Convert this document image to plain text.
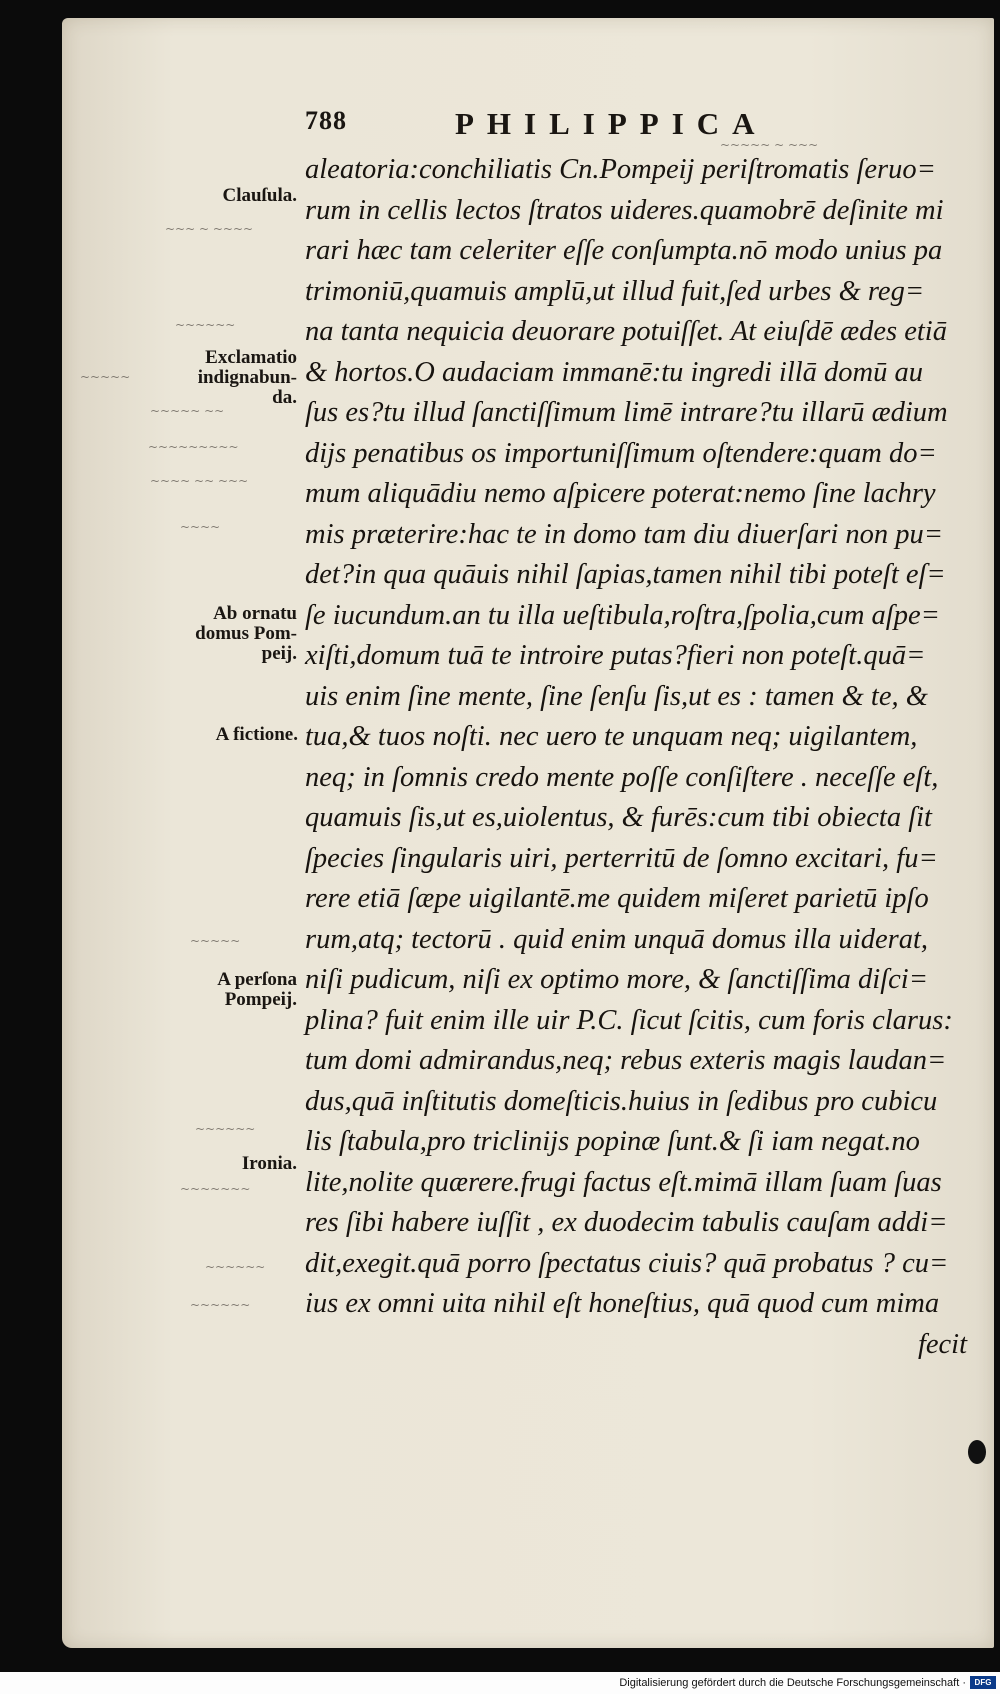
788	PHILIPPICA
aleatoria:conchiliatis Cn.Pompeij periſtromatis ſeruo=
rum in cellis lectos ſtratos uideres.quamobrē deſinite mi
rari hæc tam celeriter eſſe conſumpta.nō modo unius pa
trimoniū,quamuis amplū,ut illud fuit,ſed urbes & reg=
na tanta nequicia deuorare potuiſſet. At eiuſdē ædes etiā
& hortos.O audaciam immanē:tu ingredi illā domū au
ſus es?tu illud ſanctiſſimum limē intrare?tu illarū ædium
dijs penatibus os importuniſſimum oſtendere:quam do=
mum aliquādiu nemo aſpicere poterat:nemo ſine lachry
mis præterire:hac te in domo tam diu diuerſari non pu=
det?in qua quāuis nihil ſapias,tamen nihil tibi poteſt eſ=
ſe iucundum.an tu illa ueſtibula,roſtra,ſpolia,cum aſpe=
xiſti,domum tuā te introire putas?fieri non poteſt.quā=
uis enim ſine mente, ſine ſenſu ſis,ut es : tamen & te, &
tua,& tuos noſti. nec uero te unquam neq; uigilantem,
neq; in ſomnis credo mente poſſe conſiſtere . neceſſe eſt,
quamuis ſis,ut es,uiolentus, & furēs:cum tibi obiecta ſit
ſpecies ſingularis uiri, perterritū de ſomno excitari, fu=
rere etiā ſæpe uigilantē.me quidem miſeret parietū ipſo
rum,atq; tectorū . quid enim unquā domus illa uiderat,
niſi pudicum, niſi ex optimo more, & ſanctiſſima diſci=
plina? fuit enim ille uir P.C. ſicut ſcitis, cum foris clarus:
tum domi admirandus,neq; rebus exteris magis laudan=
dus,quā inſtitutis domeſticis.huius in ſedibus pro cubicu
lis ſtabula,pro triclinijs popinæ ſunt.& ſi iam negat.no
lite,nolite quærere.frugi factus eſt.mimā illam ſuam ſuas
res ſibi habere iuſſit , ex duodecim tabulis cauſam addi=
dit,exegit.quā porro ſpectatus ciuis? quā probatus ? cu=
ius ex omni uita nihil eſt honeſtius, quā quod cum mima
fecit
Clauſula.
Exclamatio
indignabun-
da.
Ab ornatu
domus Pom-
peij.
A fictione.
A perſona
Pompeij.
Ironia.
~~~ ~ ~~~~
~~~~~~
~~~~~
~~~~~ ~~
~~~~~~~~~
~~~~ ~~ ~~~
~~~~
~~~~~
~~~~~~
~~~~~~~
~~~~~~
~~~~~~
~~~~~ ~ ~~~
Digitalisierung gefördert durch die Deutsche Forschungsgemeinschaft ·	DFG
